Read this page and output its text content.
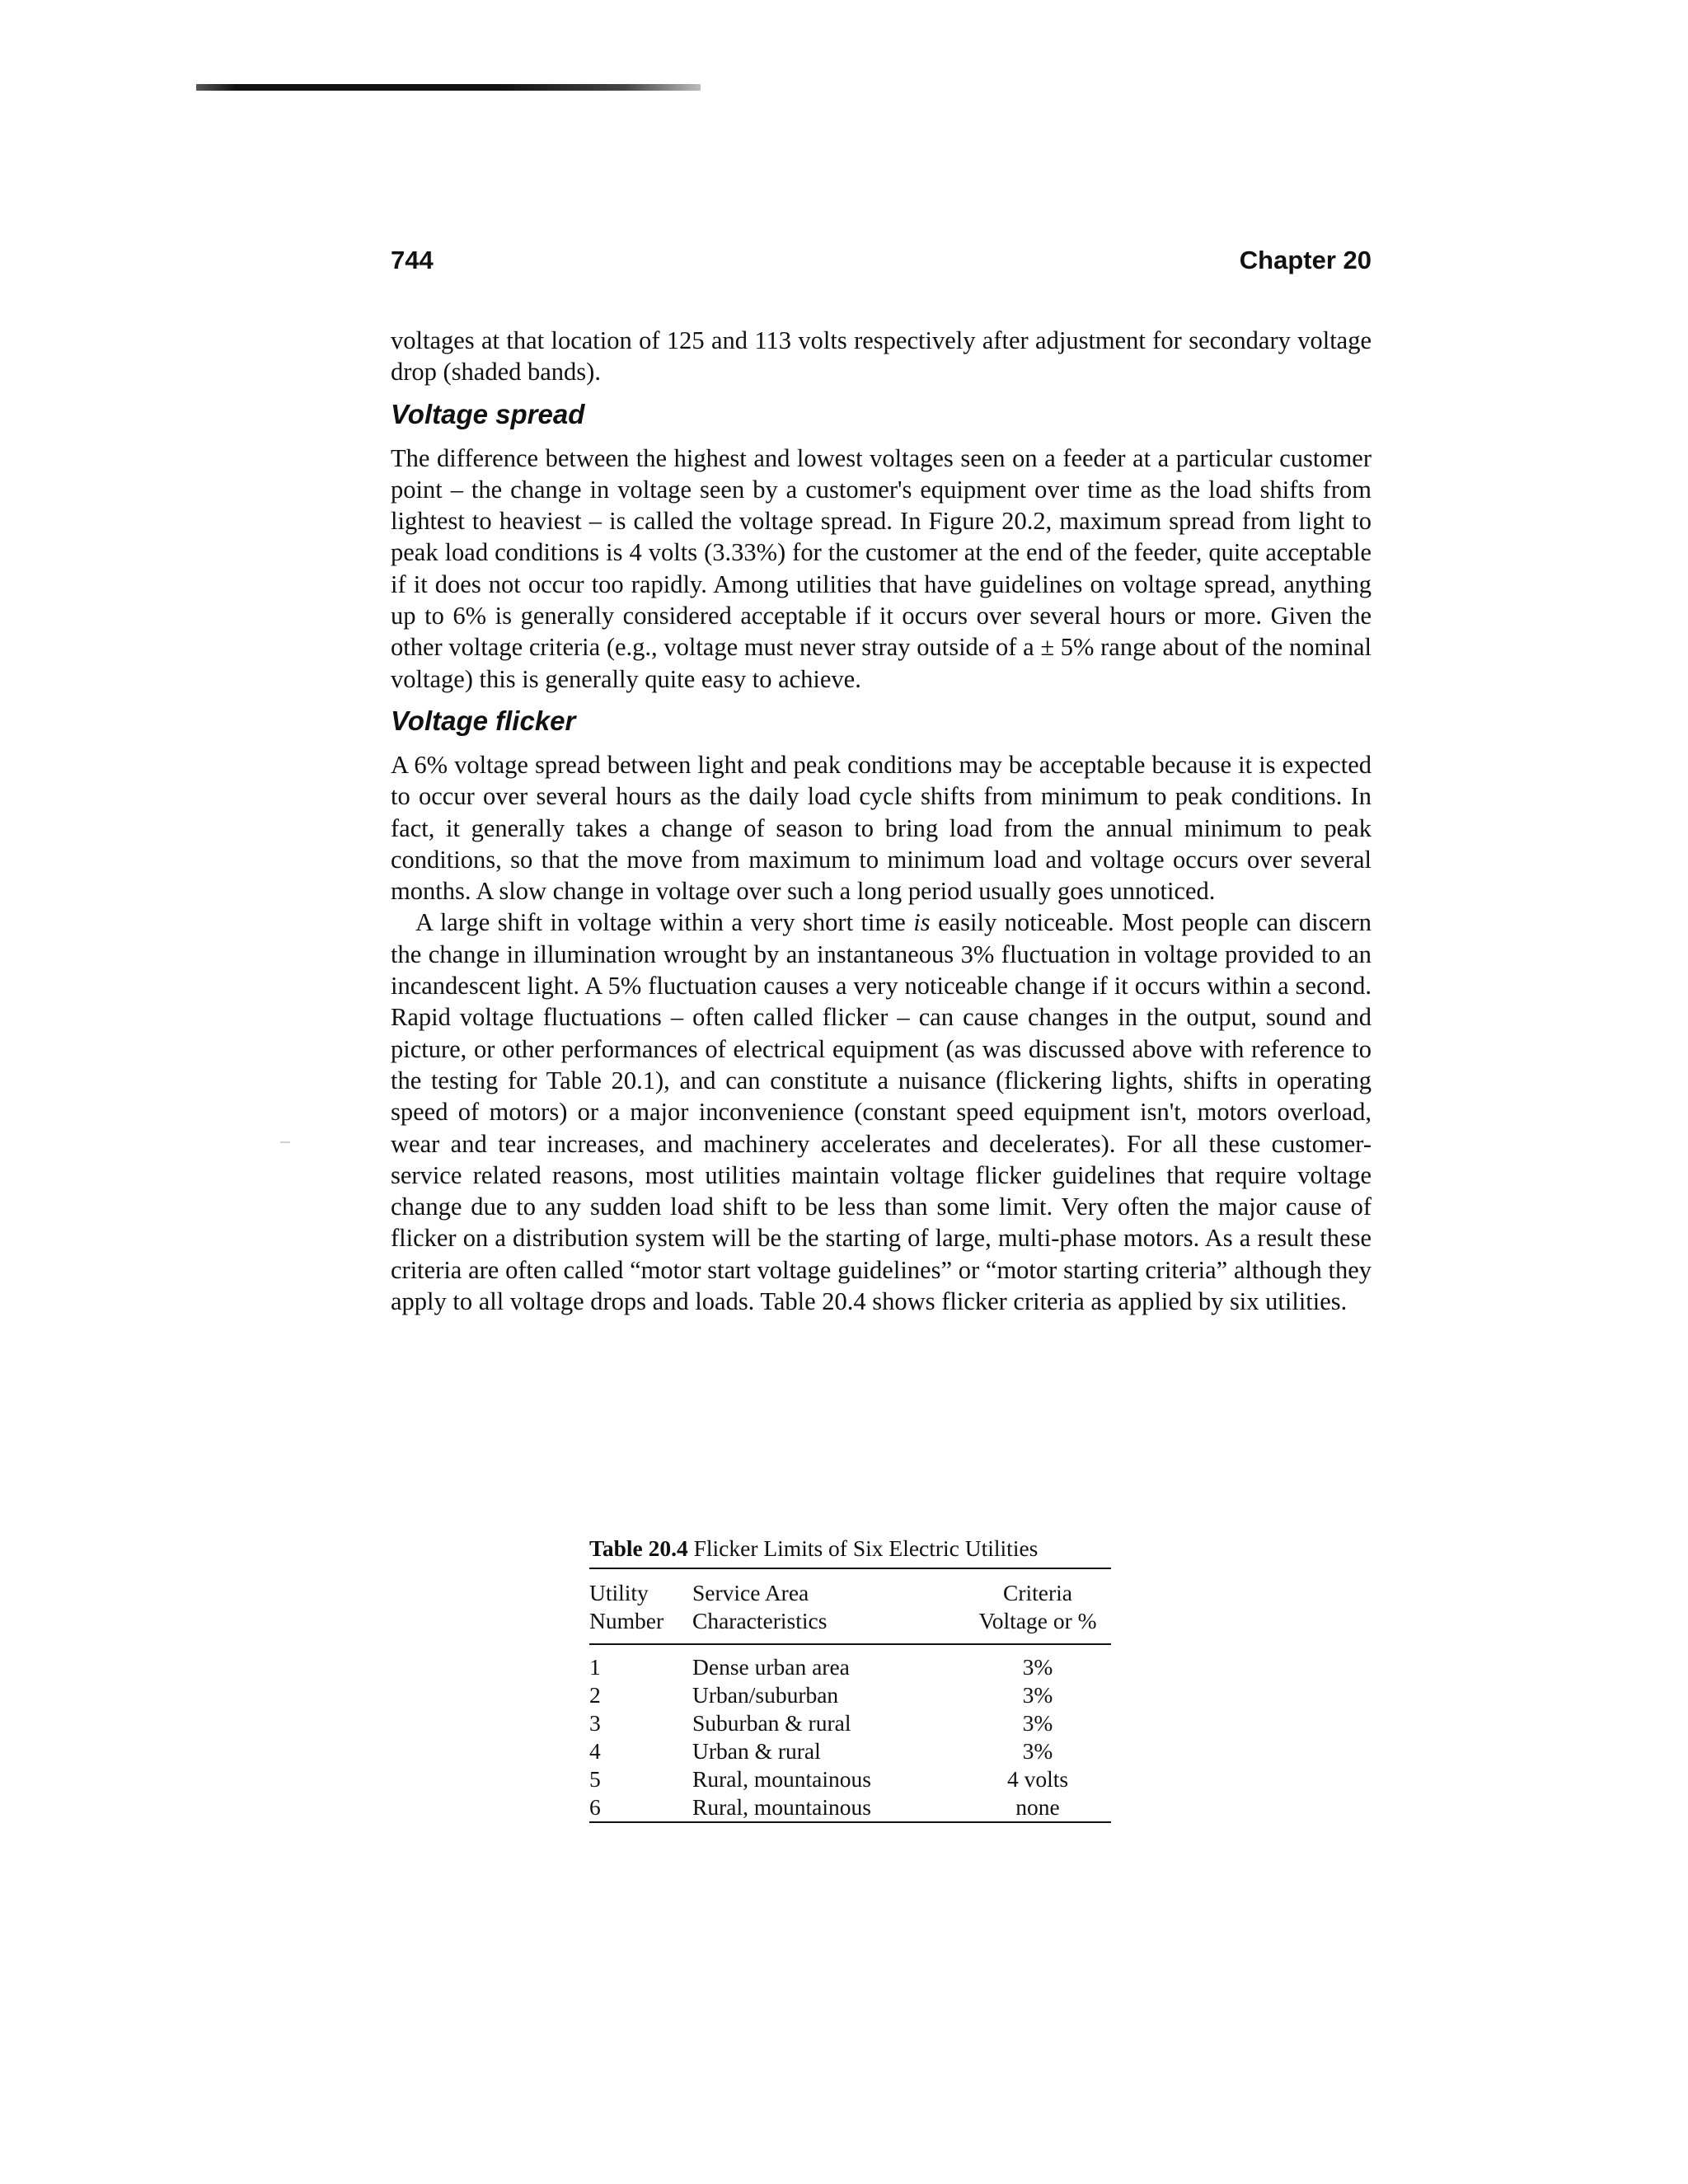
744	Chapter 20

voltages at that location of 125 and 113 volts respectively after adjustment for secondary voltage drop (shaded bands).

Voltage spread

The difference between the highest and lowest voltages seen on a feeder at a particular customer point – the change in voltage seen by a customer's equipment over time as the load shifts from lightest to heaviest – is called the voltage spread. In Figure 20.2, maximum spread from light to peak load conditions is 4 volts (3.33%) for the customer at the end of the feeder, quite acceptable if it does not occur too rapidly. Among utilities that have guidelines on voltage spread, anything up to 6% is generally considered acceptable if it occurs over several hours or more. Given the other voltage criteria (e.g., voltage must never stray outside of a ± 5% range about of the nominal voltage) this is generally quite easy to achieve.

Voltage flicker

A 6% voltage spread between light and peak conditions may be acceptable because it is expected to occur over several hours as the daily load cycle shifts from minimum to peak conditions. In fact, it generally takes a change of season to bring load from the annual minimum to peak conditions, so that the move from maximum to minimum load and voltage occurs over several months. A slow change in voltage over such a long period usually goes unnoticed.

A large shift in voltage within a very short time is easily noticeable. Most people can discern the change in illumination wrought by an instantaneous 3% fluctuation in voltage provided to an incandescent light. A 5% fluctuation causes a very noticeable change if it occurs within a second. Rapid voltage fluctuations – often called flicker – can cause changes in the output, sound and picture, or other performances of electrical equipment (as was discussed above with reference to the testing for Table 20.1), and can constitute a nuisance (flickering lights, shifts in operating speed of motors) or a major inconvenience (constant speed equipment isn't, motors overload, wear and tear increases, and machinery accelerates and decelerates). For all these customer-service related reasons, most utilities maintain voltage flicker guidelines that require voltage change due to any sudden load shift to be less than some limit. Very often the major cause of flicker on a distribution system will be the starting of large, multi-phase motors. As a result these criteria are often called “motor start voltage guidelines” or “motor starting criteria” although they apply to all voltage drops and loads. Table 20.4 shows flicker criteria as applied by six utilities.

Table 20.4 Flicker Limits of Six Electric Utilities
Utility	Service Area	Criteria
Number	Characteristics	Voltage or %
1	Dense urban area	3%
2	Urban/suburban	3%
3	Suburban & rural	3%
4	Urban & rural	3%
5	Rural, mountainous	4 volts
6	Rural, mountainous	none
